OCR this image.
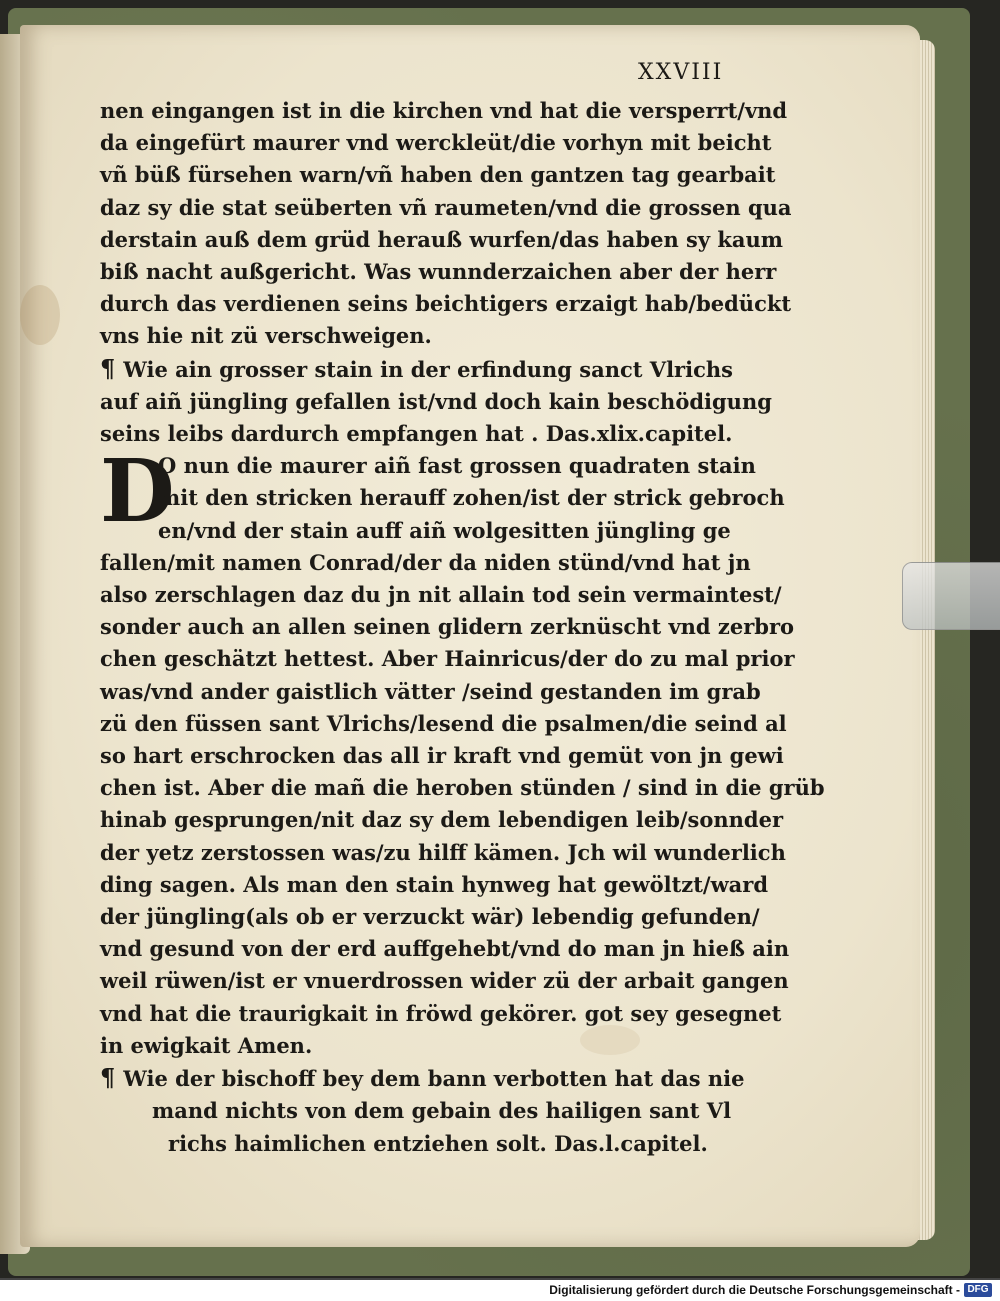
XXVIII
nen eingangen ist in die kirchen vnd hat die versperrt/vnd
da eingefürt maurer vnd werckleüt/die vorhyn mit beicht
vñ büß fürsehen warn/vñ haben den gantzen tag gearbait
daz sy die stat seüberten vñ raumeten/vnd die grossen qua
derstain auß dem grüd herauß wurfen/das haben sy kaum
biß nacht außgericht. Was wunnderzaichen aber der herr
durch das verdienen seins beichtigers erzaigt hab/bedückt
vns hie nit zü verschweigen.
¶ Wie ain grosser stain in der erfindung sanct Vlrichs
auf aiñ jüngling gefallen ist/vnd doch kain beschödigung
seins leibs dardurch empfangen hat . Das.xlix.capitel.
D
O nun die maurer aiñ fast grossen quadraten stain
mit den stricken herauff zohen/ist der strick gebroch
en/vnd der stain auff aiñ wolgesitten jüngling ge
fallen/mit namen Conrad/der da niden stünd/vnd hat jn
also zerschlagen daz du jn nit allain tod sein vermaintest/
sonder auch an allen seinen glidern zerknüscht vnd zerbro
chen geschätzt hettest. Aber Hainricus/der do zu mal prior
was/vnd ander gaistlich vätter /seind gestanden im grab
zü den füssen sant Vlrichs/lesend die psalmen/die seind al
so hart erschrocken das all ir kraft vnd gemüt von jn gewi
chen ist. Aber die mañ die heroben stünden / sind in die grüb
hinab gesprungen/nit daz sy dem lebendigen leib/sonnder
der yetz zerstossen was/zu hilff kämen. Jch wil wunderlich
ding sagen. Als man den stain hynweg hat gewöltzt/ward
der jüngling(als ob er verzuckt wär) lebendig gefunden/
vnd gesund von der erd auffgehebt/vnd do man jn hieß ain
weil rüwen/ist er vnuerdrossen wider zü der arbait gangen
vnd hat die traurigkait in fröwd gekörer. got sey gesegnet
in ewigkait Amen.
¶ Wie der bischoff bey dem bann verbotten hat das nie
mand nichts von dem gebain des hailigen sant Vl
richs haimlichen entziehen solt. Das.l.capitel.
Digitalisierung gefördert durch die Deutsche Forschungsgemeinschaft - DFG
